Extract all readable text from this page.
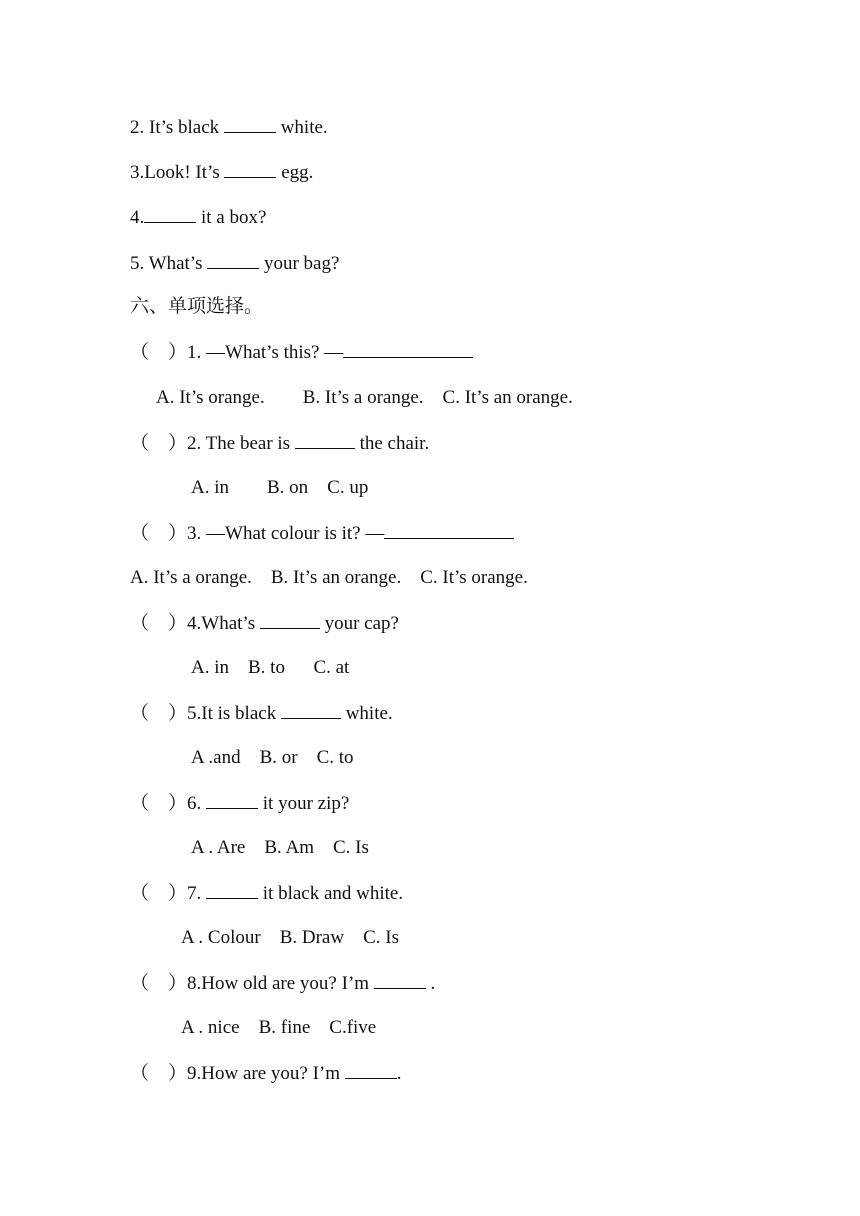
2. It’s black	white.
3.Look! It’s	egg.
4.	it a box?
5. What’s	your bag?
六、单项选择。
（    ）1. —What’s this? —
A. It’s orange.        B. It’s a orange.    C. It’s an orange.
（    ）2. The bear is	the chair.
A. in        B. on    C. up
（    ）3. —What colour is it? —
A. It’s a orange.    B. It’s an orange.    C. It’s orange.
（    ）4.What’s	your cap?
A. in    B. to      C. at
（    ）5.It is black	white.
A .and    B. or    C. to
（    ）6.	it your zip?
A . Are    B. Am    C. Is
（    ）7.	it black and white.
A . Colour    B. Draw    C. Is
（    ）8.How old are you? I’m	.
A . nice    B. fine    C.five
（    ）9.How are you? I’m	.
